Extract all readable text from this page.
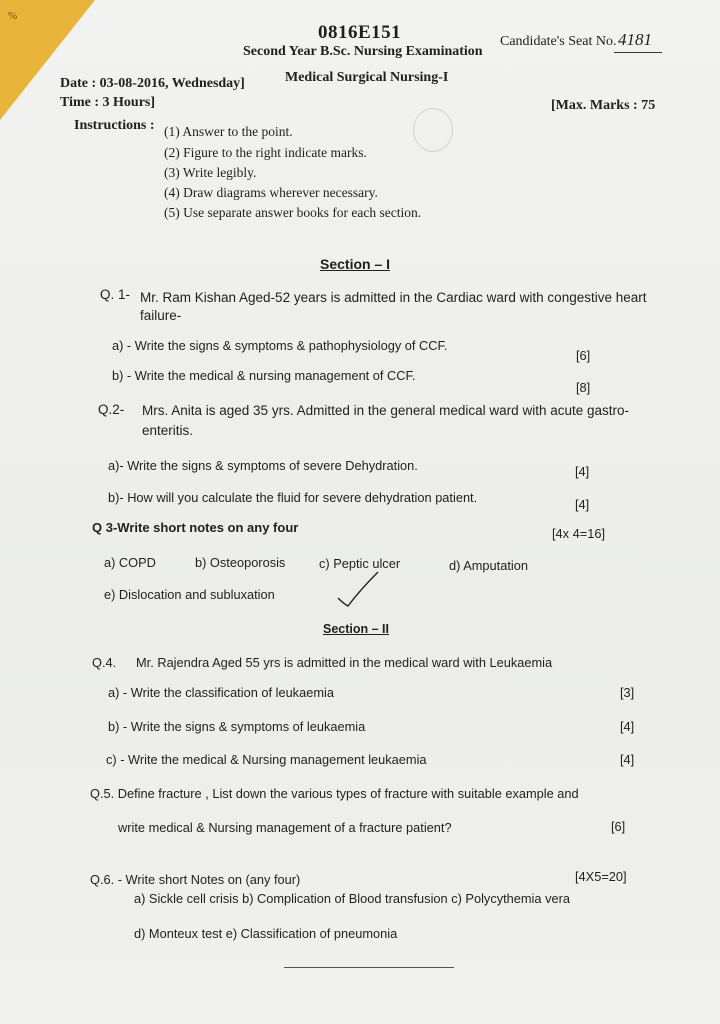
%
0816E151	Candidate's Seat No. 4181
Second Year B.Sc. Nursing Examination
Medical Surgical Nursing-I
Date : 03-08-2016, Wednesday]
Time : 3 Hours]	[Max. Marks : 75
Instructions : (1) Answer to the point.
(2) Figure to the right indicate marks.
(3) Write legibly.
(4) Draw diagrams wherever necessary.
(5) Use separate answer books for each section.
Section – I
Q. 1- Mr. Ram Kishan Aged-52 years is admitted in the Cardiac ward with congestive heart
failure-
a) - Write the signs & symptoms & pathophysiology of CCF.
[6]
b) - Write the medical & nursing management of CCF.
[8]
Q.2- Mrs. Anita is aged 35 yrs. Admitted in the general medical ward with acute gastro-
enteritis.
a)- Write the signs & symptoms of severe Dehydration.	[4]
b)- How will you calculate the fluid for severe dehydration patient.	[4]
Q 3-Write short notes on any four	[4x 4=16]
a) COPD	b) Osteoporosis	c) Peptic ulcer	d) Amputation
e) Dislocation and subluxation
Section – II
Q.4. Mr. Rajendra Aged 55 yrs is admitted in the medical ward with Leukaemia
a) - Write the classification of leukaemia	[3]
b) - Write the signs & symptoms of leukaemia	[4]
c) - Write the medical & Nursing management leukaemia	[4]
Q.5. Define fracture , List down the various types of fracture with suitable example and
write medical & Nursing management of a fracture patient?	[6]
Q.6. - Write short Notes on (any four)	[4X5=20]
a) Sickle cell crisis b) Complication of Blood transfusion c) Polycythemia vera
d) Monteux test e) Classification of pneumonia
